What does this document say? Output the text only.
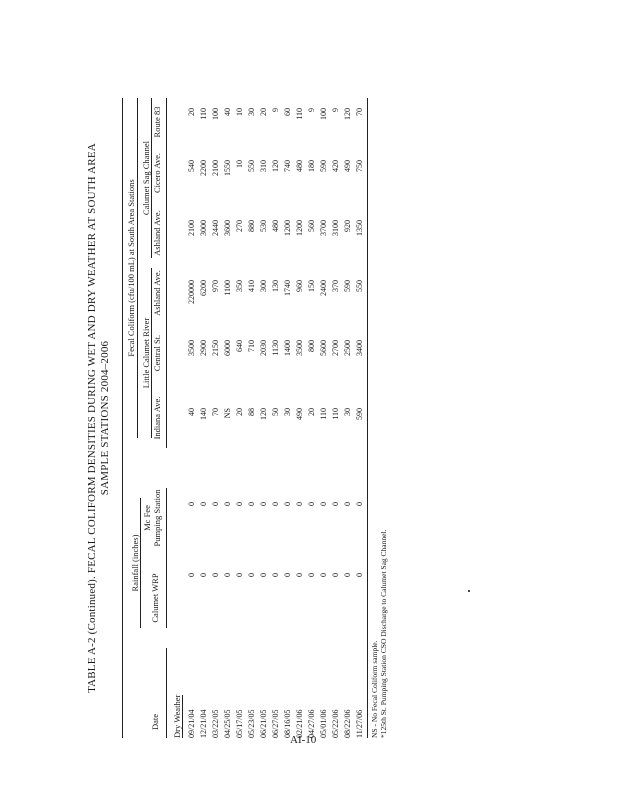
TABLE A-2 (Continued). FECAL COLIFORM DENSITIES DURING WET AND DRY WEATHER AT SOUTH AREA SAMPLE STATIONS 2004–2006
Rainfall (inches)
Fecal Coliform (cfu/100 mL) at South Area Stations Little Calumet River
Calumet Sag Channel
Date
Calumet WRP
Mc Fee Pumping Station
Indiana Ave.
Central St.
Ashland Ave.
Ashland Ave.
Cicero Ave.
Route 83
Dry Weather 09/21/04
0
0
40
3500
220000
2100
540
20
12/21/04
0
0
140
2900
6200
3000
2200
110
03/22/05
0
0
70
2150
970
2440
2100
100
04/25/05
0
0
NS
6000
1100
3600
1550
40
05/17/05
0
0
20
640
350
270
10
10
05/23/05
0
0
88
710
410
880
550
30
06/21/05
0
0
120
2030
300
530
310
20
06/27/05
0
0
50
1130
130
480
120
9
08/16/05
0
0
30
1400
1740
1200
740
60
02/21/06
0
0
490
3500
960
1200
480
110
04/27/06
0
0
20
800
150
560
180
9
05/01/06
0
0
110
5600
2400
3700
590
100
05/22/06
0
0
110
2700
370
3100
420
9
08/22/06
0
0
30
2500
590
920
490
120
11/27/06
0
0
590
3400
550
1350
750
70
NS - No Fecal Coliform sample. *125th St. Pumping Station CSO Discharge to Calumet Sag Channel.
AI-10
